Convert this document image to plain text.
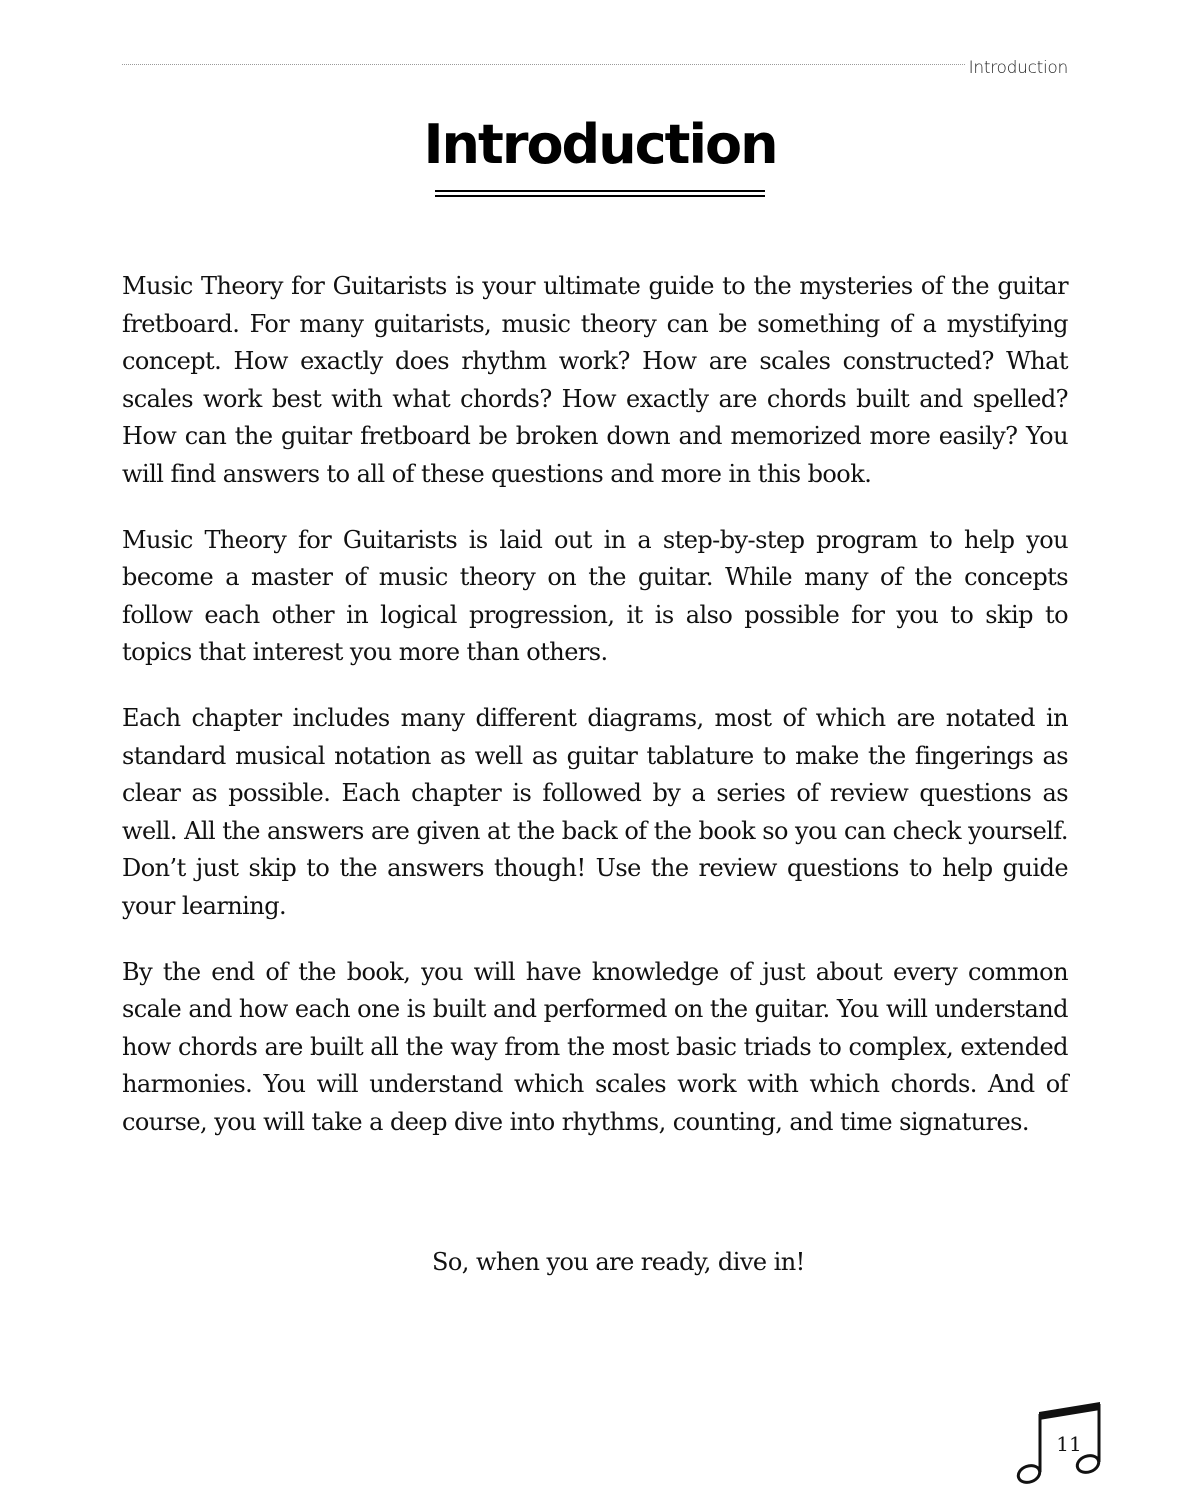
Introduction
Introduction

Music Theory for Guitarists is your ultimate guide to the mysteries of the guitar fretboard. For many guitarists, music theory can be something of a mystifying concept. How exactly does rhythm work? How are scales constructed? What scales work best with what chords? How exactly are chords built and spelled? How can the guitar fretboard be broken down and memorized more easily? You will find answers to all of these questions and more in this book.

Music Theory for Guitarists is laid out in a step-by-step program to help you become a master of music theory on the guitar. While many of the concepts follow each other in logical progression, it is also possible for you to skip to topics that interest you more than others.

Each chapter includes many different diagrams, most of which are notated in standard musical notation as well as guitar tablature to make the fingerings as clear as possible. Each chapter is followed by a series of review questions as well. All the answers are given at the back of the book so you can check yourself. Don’t just skip to the answers though! Use the review questions to help guide your learning.

By the end of the book, you will have knowledge of just about every common scale and how each one is built and performed on the guitar. You will understand how chords are built all the way from the most basic triads to complex, extended harmonies. You will understand which scales work with which chords. And of course, you will take a deep dive into rhythms, counting, and time signatures.

So, when you are ready, dive in!
11
